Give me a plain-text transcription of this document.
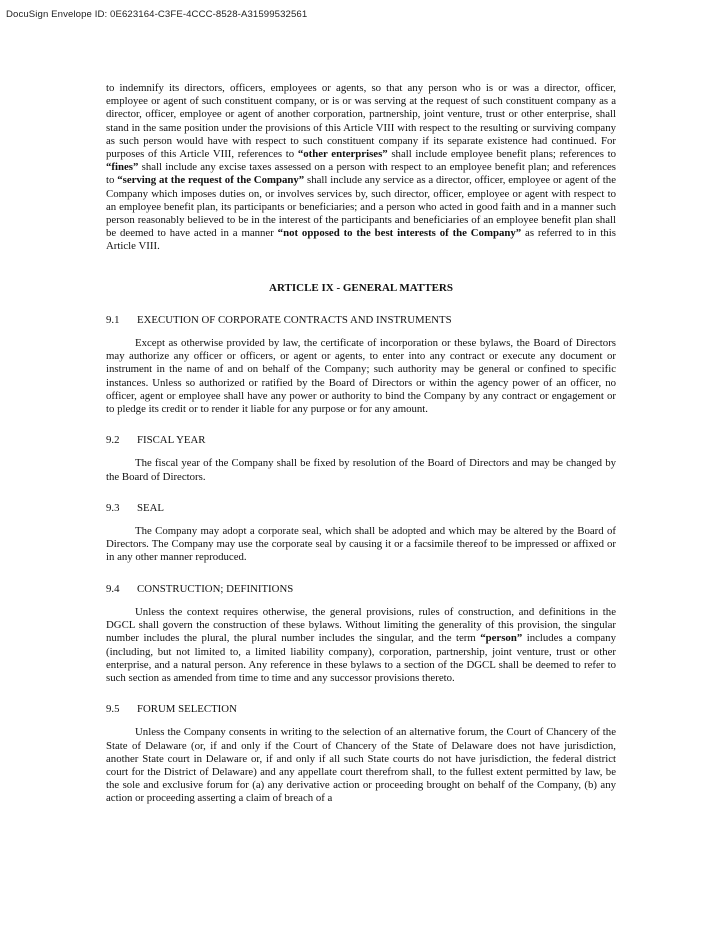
DocuSign Envelope ID: 0E623164-C3FE-4CCC-8528-A31599532561

to indemnify its directors, officers, employees or agents, so that any person who is or was a director, officer, employee or agent of such constituent company, or is or was serving at the request of such constituent company as a director, officer, employee or agent of another corporation, partnership, joint venture, trust or other enterprise, shall stand in the same position under the provisions of this Article VIII with respect to the resulting or surviving company as such person would have with respect to such constituent company if its separate existence had continued. For purposes of this Article VIII, references to “other enterprises” shall include employee benefit plans; references to “fines” shall include any excise taxes assessed on a person with respect to an employee benefit plan; and references to “serving at the request of the Company” shall include any service as a director, officer, employee or agent of the Company which imposes duties on, or involves services by, such director, officer, employee or agent with respect to an employee benefit plan, its participants or beneficiaries; and a person who acted in good faith and in a manner such person reasonably believed to be in the interest of the participants and beneficiaries of an employee benefit plan shall be deemed to have acted in a manner “not opposed to the best interests of the Company” as referred to in this Article VIII.

ARTICLE IX - GENERAL MATTERS

9.1 EXECUTION OF CORPORATE CONTRACTS AND INSTRUMENTS

Except as otherwise provided by law, the certificate of incorporation or these bylaws, the Board of Directors may authorize any officer or officers, or agent or agents, to enter into any contract or execute any document or instrument in the name of and on behalf of the Company; such authority may be general or confined to specific instances. Unless so authorized or ratified by the Board of Directors or within the agency power of an officer, no officer, agent or employee shall have any power or authority to bind the Company by any contract or engagement or to pledge its credit or to render it liable for any purpose or for any amount.

9.2 FISCAL YEAR

The fiscal year of the Company shall be fixed by resolution of the Board of Directors and may be changed by the Board of Directors.

9.3 SEAL

The Company may adopt a corporate seal, which shall be adopted and which may be altered by the Board of Directors. The Company may use the corporate seal by causing it or a facsimile thereof to be impressed or affixed or in any other manner reproduced.

9.4 CONSTRUCTION; DEFINITIONS

Unless the context requires otherwise, the general provisions, rules of construction, and definitions in the DGCL shall govern the construction of these bylaws. Without limiting the generality of this provision, the singular number includes the plural, the plural number includes the singular, and the term “person” includes a company (including, but not limited to, a limited liability company), corporation, partnership, joint venture, trust or other enterprise, and a natural person. Any reference in these bylaws to a section of the DGCL shall be deemed to refer to such section as amended from time to time and any successor provisions thereto.

9.5 FORUM SELECTION

Unless the Company consents in writing to the selection of an alternative forum, the Court of Chancery of the State of Delaware (or, if and only if the Court of Chancery of the State of Delaware does not have jurisdiction, another State court in Delaware or, if and only if all such State courts do not have jurisdiction, the federal district court for the District of Delaware) and any appellate court therefrom shall, to the fullest extent permitted by law, be the sole and exclusive forum for (a) any derivative action or proceeding brought on behalf of the Company, (b) any action or proceeding asserting a claim of breach of a
